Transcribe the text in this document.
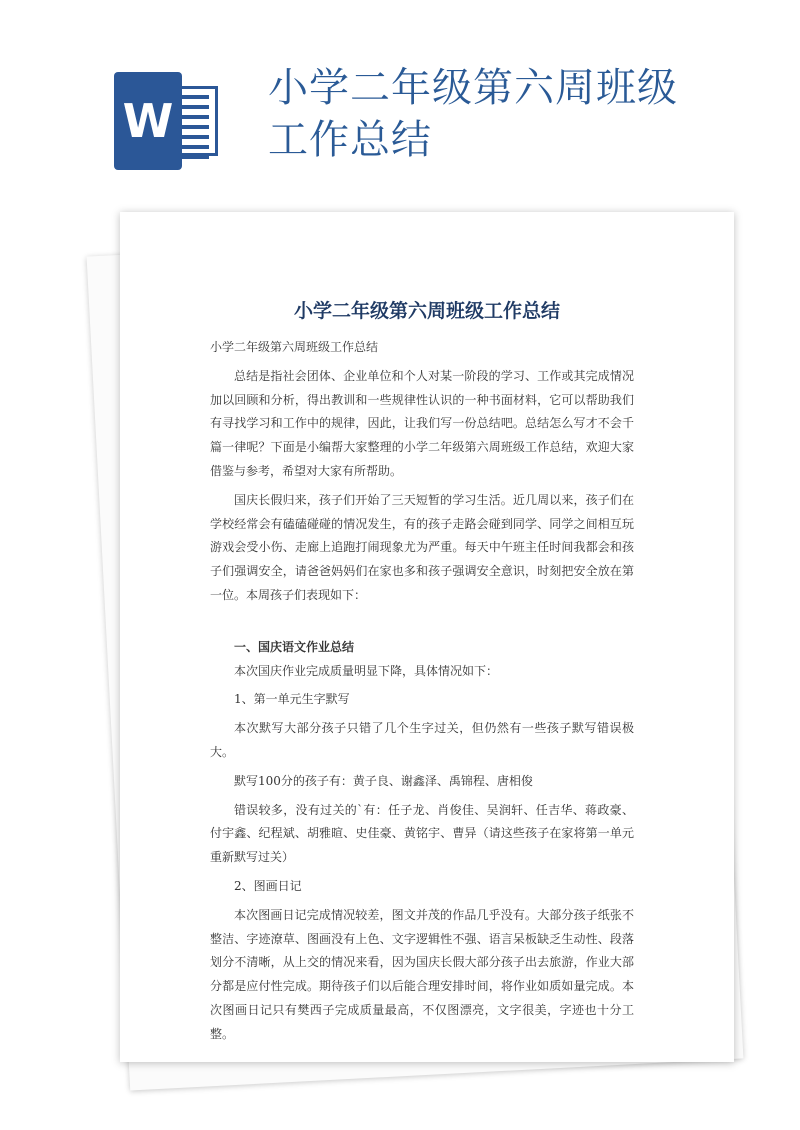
W
小学二年级第六周班级
工作总结
小学二年级第六周班级工作总结

小学二年级第六周班级工作总结

总结是指社会团体、企业单位和个人对某一阶段的学习、工作或其完成情况加以回顾和分析，得出教训和一些规律性认识的一种书面材料，它可以帮助我们有寻找学习和工作中的规律，因此，让我们写一份总结吧。总结怎么写才不会千篇一律呢？下面是小编帮大家整理的小学二年级第六周班级工作总结，欢迎大家借鉴与参考，希望对大家有所帮助。

国庆长假归来，孩子们开始了三天短暂的学习生活。近几周以来，孩子们在学校经常会有磕磕碰碰的情况发生，有的孩子走路会碰到同学、同学之间相互玩游戏会受小伤、走廊上追跑打闹现象尤为严重。每天中午班主任时间我都会和孩子们强调安全，请爸爸妈妈们在家也多和孩子强调安全意识，时刻把安全放在第一位。本周孩子们表现如下：

一、国庆语文作业总结

本次国庆作业完成质量明显下降，具体情况如下：

1、第一单元生字默写

本次默写大部分孩子只错了几个生字过关，但仍然有一些孩子默写错误极大。

默写100分的孩子有：黄子良、谢鑫泽、禹锦程、唐相俊

错误较多，没有过关的`有：任子龙、肖俊佳、吴润轩、任吉华、蒋政豪、付宇鑫、纪程斌、胡雅暄、史佳豪、黄铭宇、曹异（请这些孩子在家将第一单元重新默写过关）

2、图画日记

本次图画日记完成情况较差，图文并茂的作品几乎没有。大部分孩子纸张不整洁、字迹潦草、图画没有上色、文字逻辑性不强、语言呆板缺乏生动性、段落划分不清晰，从上交的情况来看，因为国庆长假大部分孩子出去旅游，作业大部分都是应付性完成。期待孩子们以后能合理安排时间，将作业如质如量完成。本次图画日记只有樊西子完成质量最高，不仅图漂亮，文字很美，字迹也十分工整。
